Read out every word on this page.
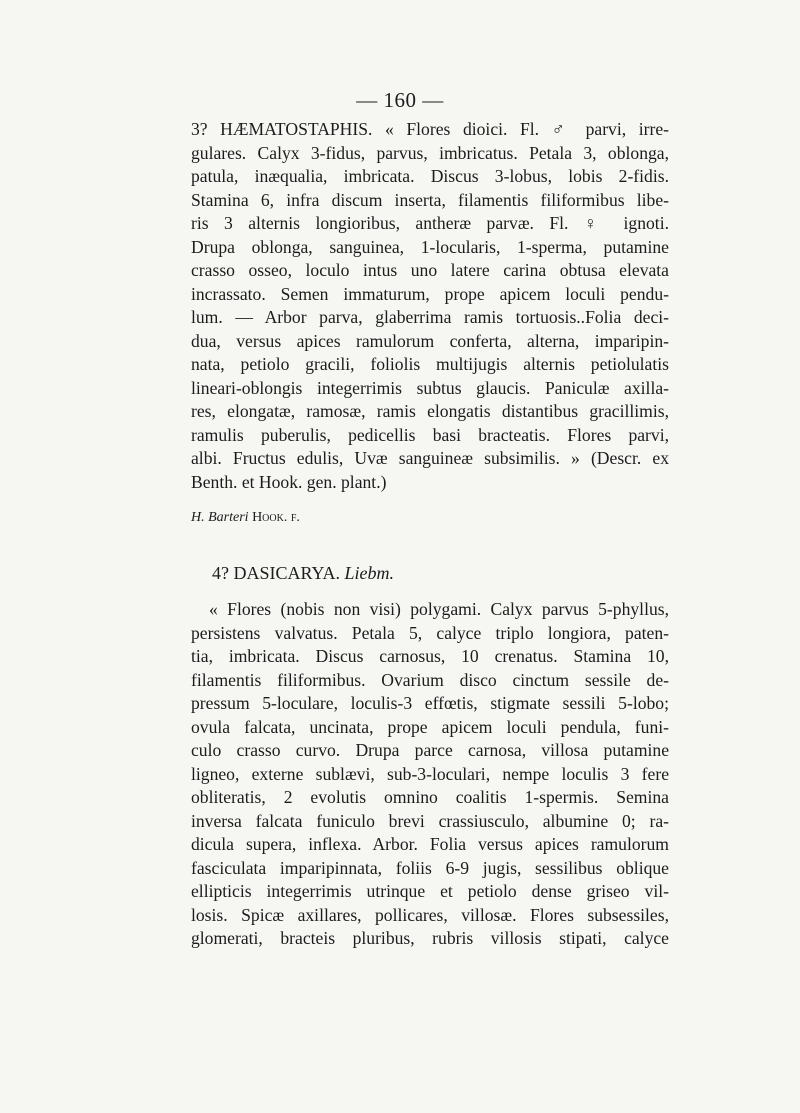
— 160 —
3? HÆMATOSTAPHIS. « Flores dioici. Fl. ♂ parvi, irre-
gulares. Calyx 3-fidus, parvus, imbricatus. Petala 3, oblonga,
patula, inæqualia, imbricata. Discus 3-lobus, lobis 2-fidis.
Stamina 6, infra discum inserta, filamentis filiformibus libe-
ris 3 alternis longioribus, antheræ parvæ. Fl. ♀ ignoti.
Drupa oblonga, sanguinea, 1-locularis, 1-sperma, putamine
crasso osseo, loculo intus uno latere carina obtusa elevata
incrassato. Semen immaturum, prope apicem loculi pendu-
lum. — Arbor parva, glaberrima ramis tortuosis..Folia deci-
dua, versus apices ramulorum conferta, alterna, imparipin-
nata, petiolo gracili, foliolis multijugis alternis petiolulatis
lineari-oblongis integerrimis subtus glaucis. Paniculæ axilla-
res, elongatæ, ramosæ, ramis elongatis distantibus gracillimis,
ramulis puberulis, pedicellis basi bracteatis. Flores parvi,
albi. Fructus edulis, Uvæ sanguineæ subsimilis. » (Descr. ex
Benth. et Hook. gen. plant.)
H. Barteri Hook. f.
4? DASICARYA. Liebm.
« Flores (nobis non visi) polygami. Calyx parvus 5-phyllus,
persistens valvatus. Petala 5, calyce triplo longiora, paten-
tia, imbricata. Discus carnosus, 10 crenatus. Stamina 10,
filamentis filiformibus. Ovarium disco cinctum sessile de-
pressum 5-loculare, loculis-3 effœtis, stigmate sessili 5-lobo;
ovula falcata, uncinata, prope apicem loculi pendula, funi-
culo crasso curvo. Drupa parce carnosa, villosa putamine
ligneo, externe sublævi, sub-3-loculari, nempe loculis 3 fere
obliteratis, 2 evolutis omnino coalitis 1-spermis. Semina
inversa falcata funiculo brevi crassiusculo, albumine 0; ra-
dicula supera, inflexa. Arbor. Folia versus apices ramulorum
fasciculata imparipinnata, foliis 6-9 jugis, sessilibus oblique
ellipticis integerrimis utrinque et petiolo dense griseo vil-
losis. Spicæ axillares, pollicares, villosæ. Flores subsessiles,
glomerati, bracteis pluribus, rubris villosis stipati, calyce
